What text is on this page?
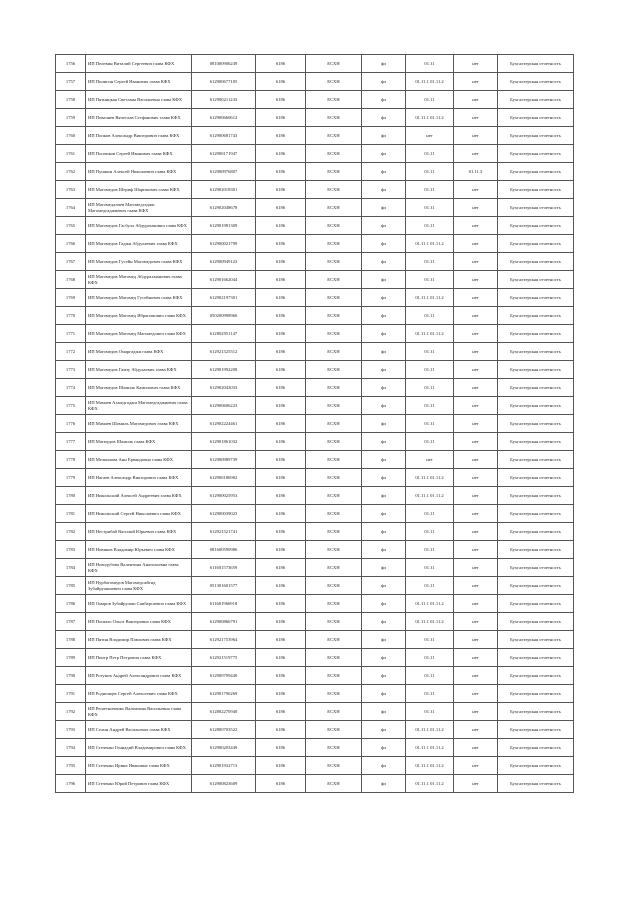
1756	ИП Пелевин Виталий Сергеевич глава КФХ	081000906249	6186	ЕСХН	фл	01.11	нет	Бухгалтерская отчетность
1757	ИП Пилигин Сергей Иванович глава КФХ	612900677105	6186	ЕСХН	фл	01.11.1 01.11.2	нет	Бухгалтерская отчетность
1758	ИП Пятницкая Светлана Васильевна глава КФХ	612900211243	6186	ЕСХН	фл	01.11	нет	Бухгалтерская отчетность
1759	ИП Поваляев Вячеслав Стефанович глава КФХ	612900660612	6186	ЕСХН	фл	01.11.1 01.11.2	нет	Бухгалтерская отчетность
1760	ИП Попков Александр Викторович глава КФХ	612900681743	6186	ЕСХН	фл	нет	нет	Бухгалтерская отчетность
1761	ИП Попчиков Сергей Иванович глава КФХ	612900171947	6186	ЕСХН	фл	01.11	нет	Бухгалтерская отчетность
1762	ИП Пушкин Алексей Николаевич глава КФХ	612900976807	6186	ЕСХН	фл	01.11	01.11.3	Бухгалтерская отчетность
1763	ИП Магомедов Шериф Шарипович глава КФХ	612902018301	6186	ЕСХН	фл	01.11	нет	Бухгалтерская отчетность
1764	ИП Магомедалиев Магомедгаджи Магомедгаджиевич глава КФХ	612902048678	6186	ЕСХН	фл	01.11	нет	Бухгалтерская отчетность
1765	ИП Магомедов Гасбулл Абдуразакович глава КФХ	612901981309	6186	ЕСХН	фл	01.11	нет	Бухгалтерская отчетность
1766	ИП Магомедов Гаджи Абдулаевич глава КФХ	612900021799	6186	ЕСХН	фл	01.11.1 01.11.2	нет	Бухгалтерская отчетность
1767	ИП Магомедов Гусейн Магомедович глава КФХ	612900949123	6186	ЕСХН	фл	01.11	нет	Бухгалтерская отчетность
1768	ИП Магомедов Магомед Абдурахманович глава КФХ	612901662044	6186	ЕСХН	фл	01.11	нет	Бухгалтерская отчетность
1769	ИП Магомедов Магомед Гусейнович глава КФХ	612902197301	6186	ЕСХН	фл	01.11.1 01.11.2	нет	Бухгалтерская отчетность
1770	ИП Магомедов Магомед Ибрагимович глава КФХ	050200998966	6186	ЕСХН	фл	01.11	нет	Бухгалтерская отчетность
1771	ИП Магомедов Магомед Магомедович глава КФХ	612802951147	6186	ЕСХН	фл	01.11.1 01.11.2	нет	Бухгалтерская отчетность
1772	ИП Магомедов Омаргаджи глава КФХ	612921525512	6186	ЕСХН	фл	01.11	нет	Бухгалтерская отчетность
1773	ИП Магомедов Гамзу Абдулаевич глава КФХ	612901992208	6186	ЕСХН	фл	01.11	нет	Бухгалтерская отчетность
1774	ИП Магомедов Шамиль Камилович глава КФХ	612902043033	6186	ЕСХН	фл	01.11	нет	Бухгалтерская отчетность
1775	ИП Мамаев Ахмедгаджи Магомедгаджиевич глава КФХ	612900606223	6186	ЕСХН	фл	01.11	нет	Бухгалтерская отчетность
1776	ИП Мамаев Шамиль Магомедович глава КФХ	612902224461	6186	ЕСХН	фл	01.11	нет	Бухгалтерская отчетность
1777	ИП Матмудов Шамиль глава КФХ	612901861032	6186	ЕСХН	фл	01.11	нет	Бухгалтерская отчетность
1778	ИП Мелконова Анн Ервандовна глава КФХ	612900989739	6186	ЕСХН	фл	нет	нет	Бухгалтерская отчетность
1779	ИП Нагаев Александр Викторович глава КФХ	612900186902	6186	ЕСХН	фл	01.11.1 01.11.2	нет	Бухгалтерская отчетность
1780	ИП Никольский Алексей Андреевич глава КФХ	612900025953	6186	ЕСХН	фл	01.11.1 01.11.2	нет	Бухгалтерская отчетность
1781	ИП Никольский Сергей Николаевич глава КФХ	612900039023	6186	ЕСХН	фл	01.11	нет	Бухгалтерская отчетность
1782	ИП Нестрибай Василий Юрьевич глава КФХ	612921521741	6186	ЕСХН	фл	01.11	нет	Бухгалтерская отчетность
1783	ИП Новиков Владимир Юрьевич глава КФХ	081600590986	6186	ЕСХН	фл	01.11	нет	Бухгалтерская отчетность
1784	ИП Новодубова Валентина Анатольевна глава КФХ	611601573659	6186	ЕСХН	фл	01.11	нет	Бухгалтерская отчетность
1785	ИП Нурбагомедов Магомедсайгид Зубайруашиевич глава КФХ	051301601577	6186	ЕСХН	фл	01.11	нет	Бухгалтерская отчетность
1786	ИП Омаров Зубайрулаш Саибарсаевич глава КФХ	611601966918	6186	ЕСХН	фл	01.11.1 01.11.2	нет	Бухгалтерская отчетность
1787	ИП Попыло Ольга Викторовна глава КФХ	612900866791	6186	ЕСХН	фл	01.11.1 01.11.2	нет	Бухгалтерская отчетность
1788	ИП Пятин Владимир Павлович глава КФХ	612921753964	6186	ЕСХН	фл	01.11	нет	Бухгалтерская отчетность
1789	ИП Пиотр Петр Петрович глава КФХ	612921519775	6186	ЕСХН	фл	01.11	нет	Бухгалтерская отчетность
1790	ИП Ротунов Андрей Александрович глава КФХ	612900709440	6186	ЕСХН	фл	01.11	нет	Бухгалтерская отчетность
1791	ИП Родионцев Сергей Алексеевич глава КФХ	612901790269	6186	ЕСХН	фл	01.11	нет	Бухгалтерская отчетность
1792	ИП Решетниченко Валентина Васильевна глава КФХ	612802270940	6186	ЕСХН	фл	01.11	нет	Бухгалтерская отчетность
1793	ИП Селин Андрей Васильевич глава КФХ	612800703522	6186	ЕСХН	фл	01.11.1 01.11.2	нет	Бухгалтерская отчетность
1794	ИП Стеченко Геннадий Владимирович глава КФХ	612900203449	6186	ЕСХН	фл	01.11.1 01.11.2	нет	Бухгалтерская отчетность
1795	ИП Стеченко Ирина Ивановна глава КФХ	612901932713	6186	ЕСХН	фл	01.11.1 01.11.2	нет	Бухгалтерская отчетность
1796	ИП Стеченко Юрий Петрович глава КФХ	612900823609	6186	ЕСХН	фл	01.11.1 01.11.2	нет	Бухгалтерская отчетность
